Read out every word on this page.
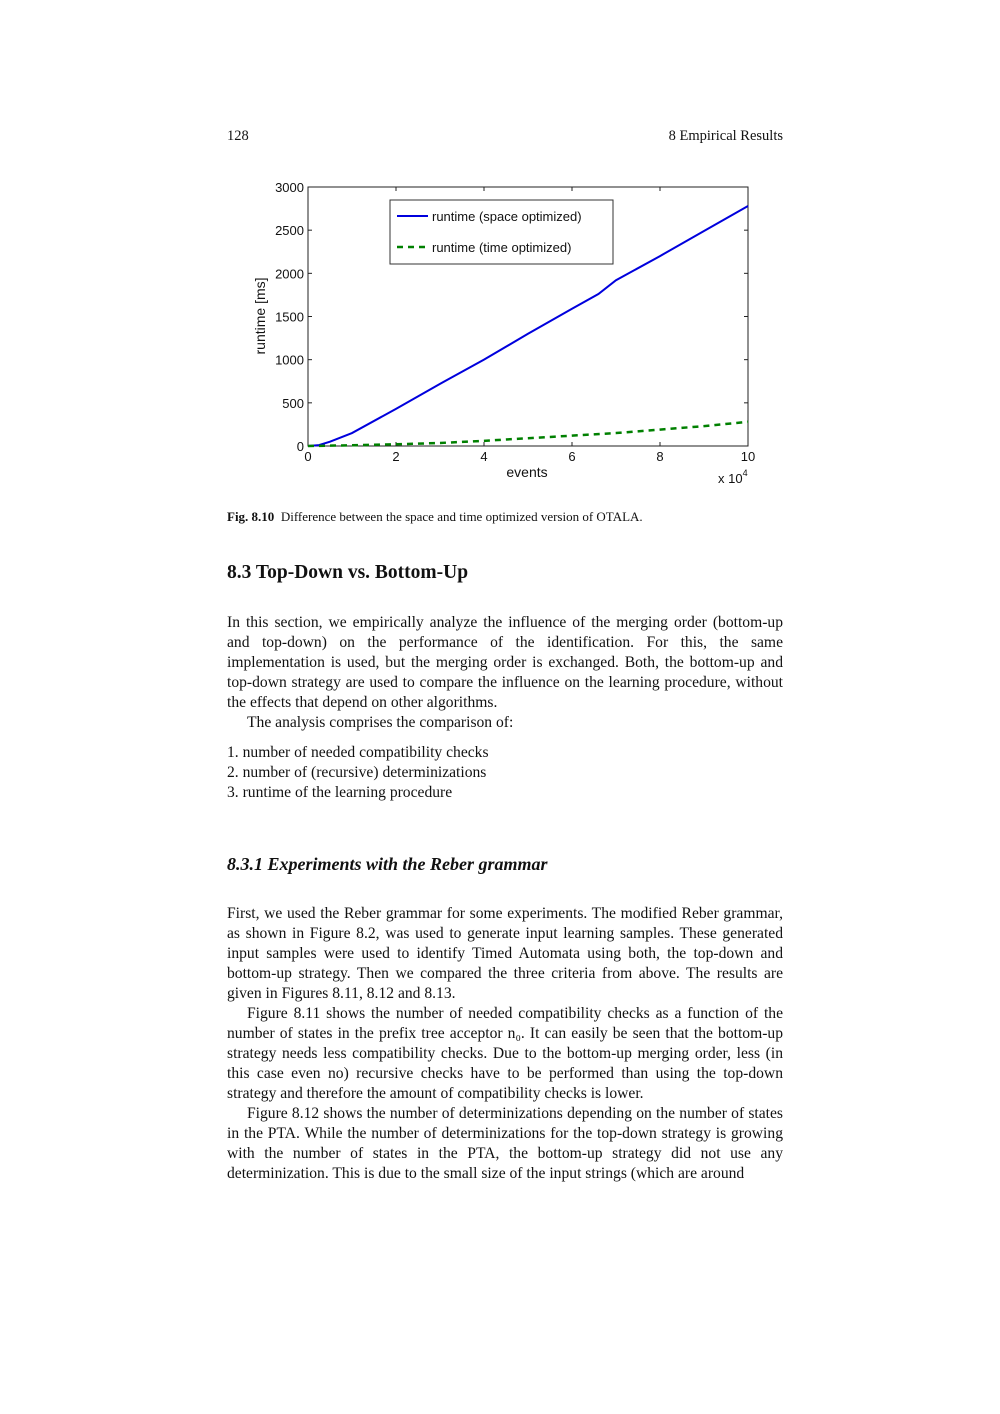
128	8 Empirical Results
0	2	4	6	8	10
0
500
1000
1500
2000
2500
3000
runtime (space optimized)
runtime (time optimized)
events
runtime [ms]
x $10^4$
Fig. 8.10 Difference between the space and time optimized version of OTALA.
8.3 Top-Down vs. Bottom-Up

In this section, we empirically analyze the influence of the merging order (bottom-up and top-down) on the performance of the identification. For this, the same implementation is used, but the merging order is exchanged. Both, the bottom-up and top-down strategy are used to compare the influence on the learning procedure, without the effects that depend on other algorithms.

The analysis comprises the comparison of:

1. number of needed compatibility checks
2. number of (recursive) determinizations
3. runtime of the learning procedure
8.3.1 Experiments with the Reber grammar

First, we used the Reber grammar for some experiments. The modified Reber grammar, as shown in Figure 8.2, was used to generate input learning samples. These generated input samples were used to identify Timed Automata using both, the top-down and bottom-up strategy. Then we compared the three criteria from above. The results are given in Figures 8.11, 8.12 and 8.13.

Figure 8.11 shows the number of needed compatibility checks as a function of the number of states in the prefix tree acceptor n₀. It can easily be seen that the bottom-up strategy needs less compatibility checks. Due to the bottom-up merging order, less (in this case even no) recursive checks have to be performed than using the top-down strategy and therefore the amount of compatibility checks is lower.

Figure 8.12 shows the number of determinizations depending on the number of states in the PTA. While the number of determinizations for the top-down strategy is growing with the number of states in the PTA, the bottom-up strategy did not use any determinization. This is due to the small size of the input strings (which are around
